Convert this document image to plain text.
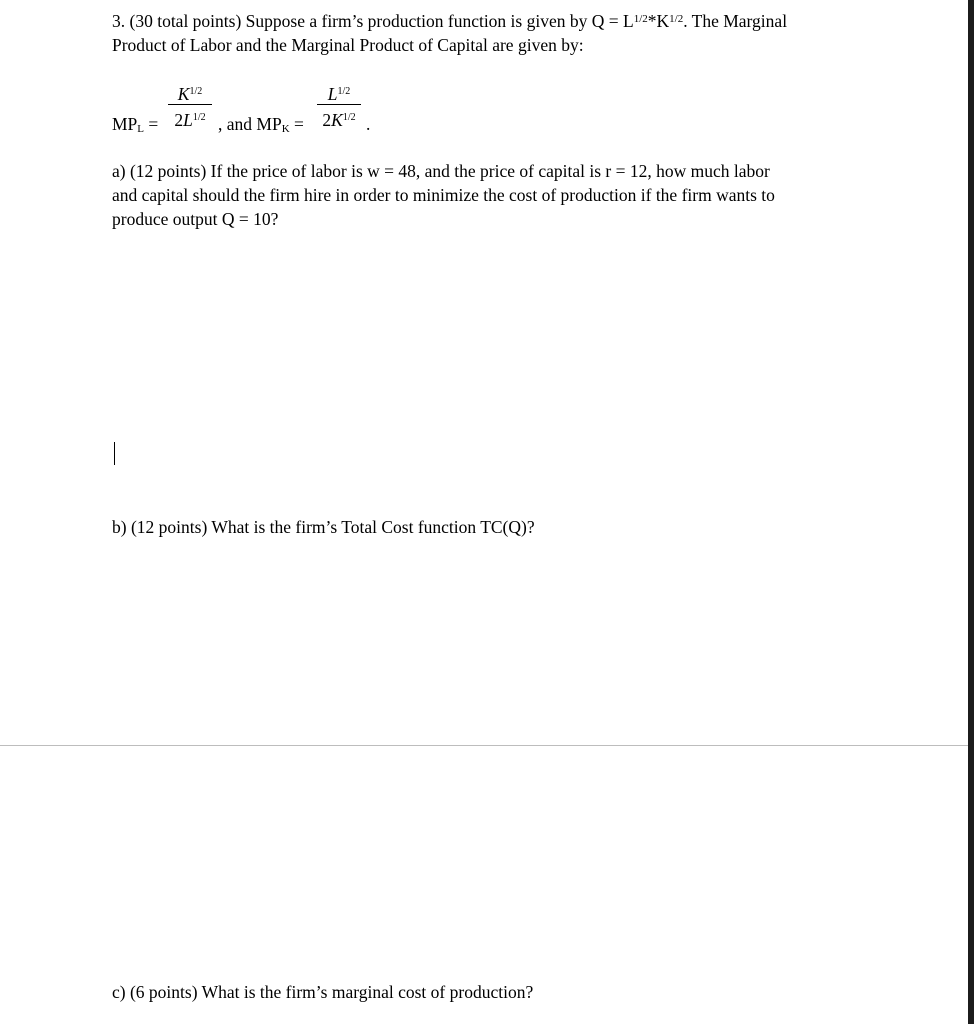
3. (30 total points) Suppose a firm’s production function is given by $Q = L^{1/2}*K^{1/2}$. The Marginal
Product of Labor and the Marginal Product of Capital are given by:
MPL =
$K^{1/2}$
$2L^{1/2}$ , and MPK =
$L^{1/2}$
$2K^{1/2}$ .
a) (12 points) If the price of labor is w = 48, and the price of capital is r = 12, how much labor
and capital should the firm hire in order to minimize the cost of production if the firm wants to
produce output Q = 10?
b) (12 points) What is the firm’s Total Cost function TC(Q)?
c) (6 points) What is the firm’s marginal cost of production?
